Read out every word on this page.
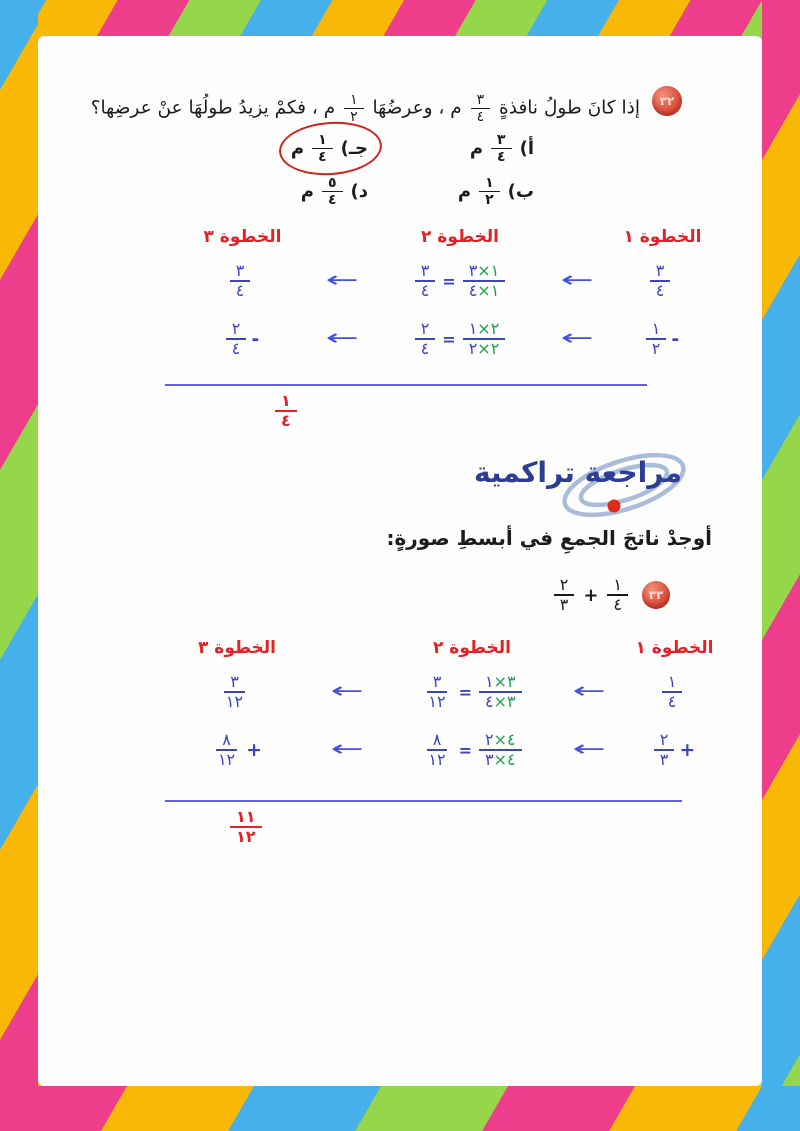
٣٢
إذا كانَ طولُ نافذةٍ
$\frac{٣}{٤}$
م ، وعرضُهَا
$\frac{١}{٢}$
م ، فكمْ يزيدُ طولُهَا عنْ عرضِها؟
أ)
$\frac{٣}{٤}$
م
جـ)
$\frac{١}{٤}$
م
ب)
$\frac{١}{٢}$
م
د)
$\frac{٥}{٤}$
م
الخطوة ١
الخطوة ٢
الخطوة ٣
$\frac{٣}{٤}$
←
$\frac{٣}{٤} = \frac{١\times ٣}{١\times ٤}$
←
$\frac{٣}{٤}$
$\frac{١}{٢}$ -
←
$\frac{٢}{٤} = \frac{٢\times ١}{٢\times ٢}$
←
$\frac{٢}{٤}$ -
$\frac{١}{٤}$
مراجعة تراكمية
أوجدْ ناتجَ الجمعِ في أبسطِ صورةٍ:
٣٣
$\frac{٢}{٣} + \frac{١}{٤}$
الخطوة ١
الخطوة ٢
الخطوة ٣
$\frac{١}{٤}$
←
$\frac{٣}{١٢} = \frac{٣\times ١}{٣\times ٤}$
←
$\frac{٣}{١٢}$
$\frac{٢}{٣}$ +
←
$\frac{٨}{١٢} = \frac{٤\times ٢}{٤\times ٣}$
←
$\frac{٨}{١٢}$ +
$\frac{١١}{١٢}$
